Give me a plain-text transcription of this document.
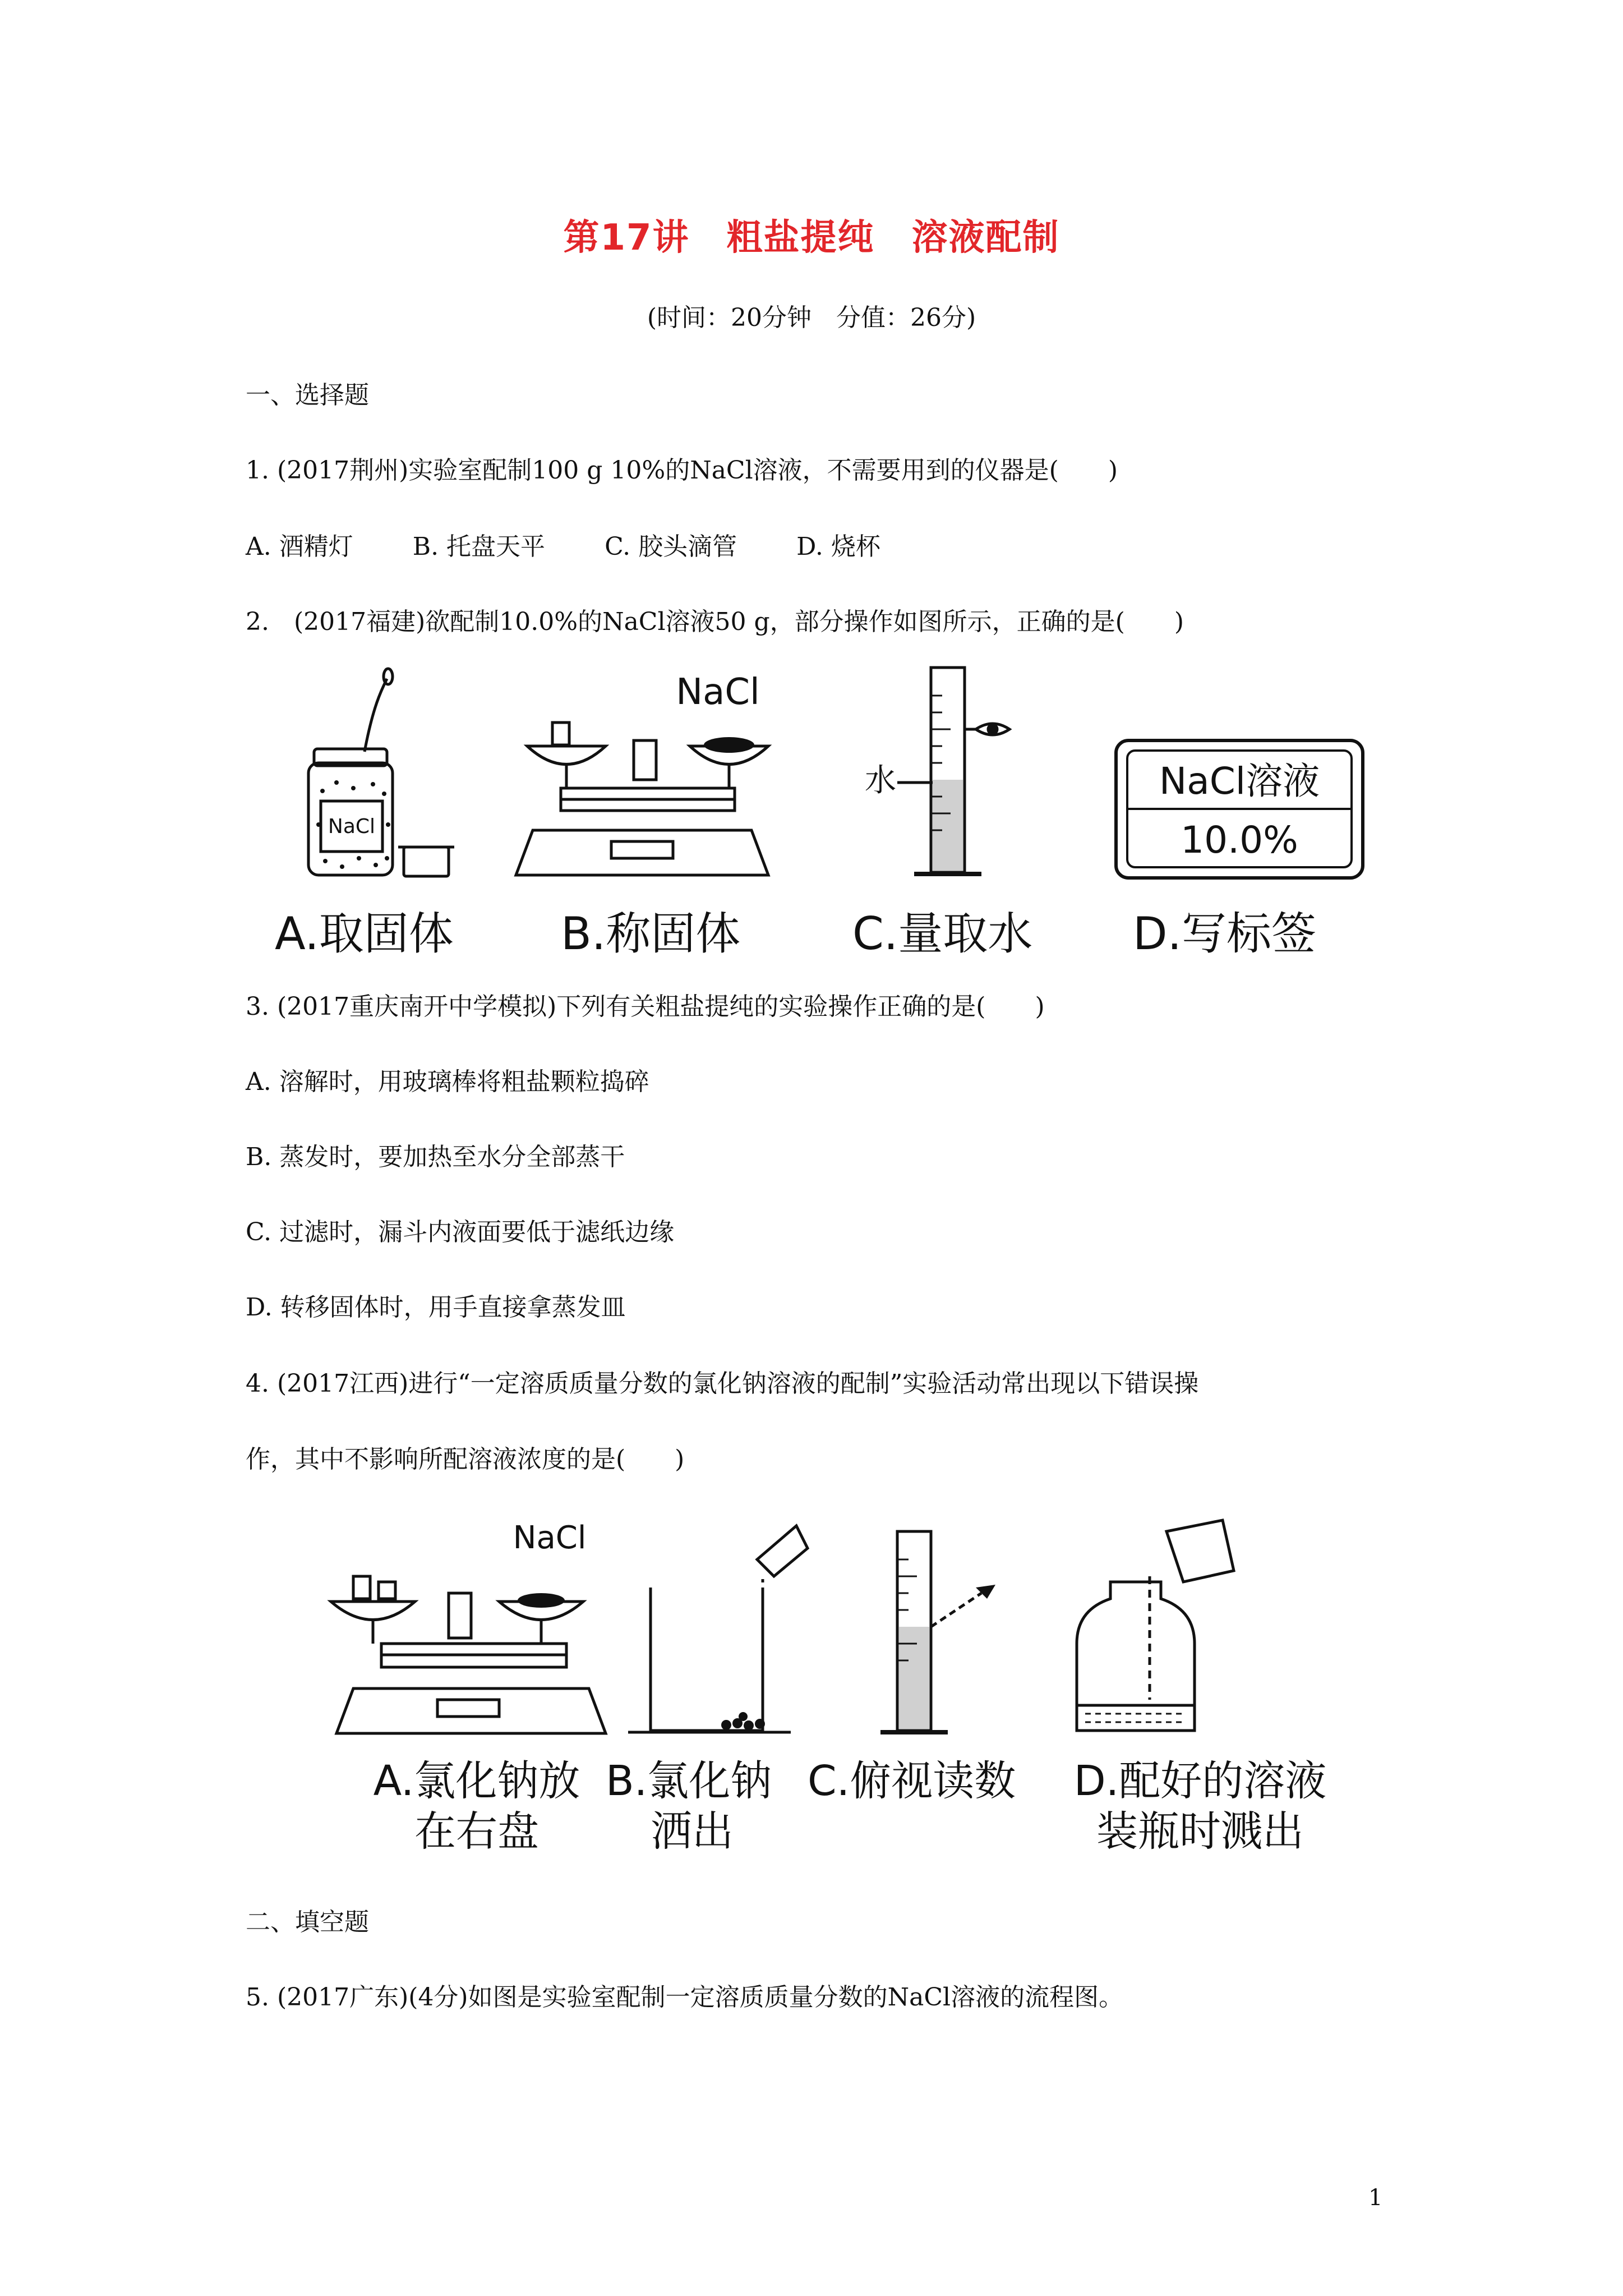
第17讲　粗盐提纯　溶液配制
(时间：20分钟　分值：26分)
一、选择题
1. (2017荆州)实验室配制100 g 10%的NaCl溶液，不需要用到的仪器是(　　)
A. 酒精灯 B. 托盘天平 C. 胶头滴管 D. 烧杯
2.　(2017福建)欲配制10.0%的NaCl溶液50 g，部分操作如图所示，正确的是(　　)
NaCl
NaCl
水	NaCl溶液
10.0%
A.取固体 B.称固体 C.量取水 D.写标签
3. (2017重庆南开中学模拟)下列有关粗盐提纯的实验操作正确的是(　　)
A. 溶解时，用玻璃棒将粗盐颗粒捣碎
B. 蒸发时，要加热至水分全部蒸干
C. 过滤时，漏斗内液面要低于滤纸边缘
D. 转移固体时，用手直接拿蒸发皿
4. (2017江西)进行“一定溶质质量分数的氯化钠溶液的配制”实验活动常出现以下错误操
作，其中不影响所配溶液浓度的是(　　)
NaCl
A.氯化钠放
在右盘
B.氯化钠
洒出
C.俯视读数	D.配好的溶液
装瓶时溅出
二、填空题
5. (2017广东)(4分)如图是实验室配制一定溶质质量分数的NaCl溶液的流程图。
1
